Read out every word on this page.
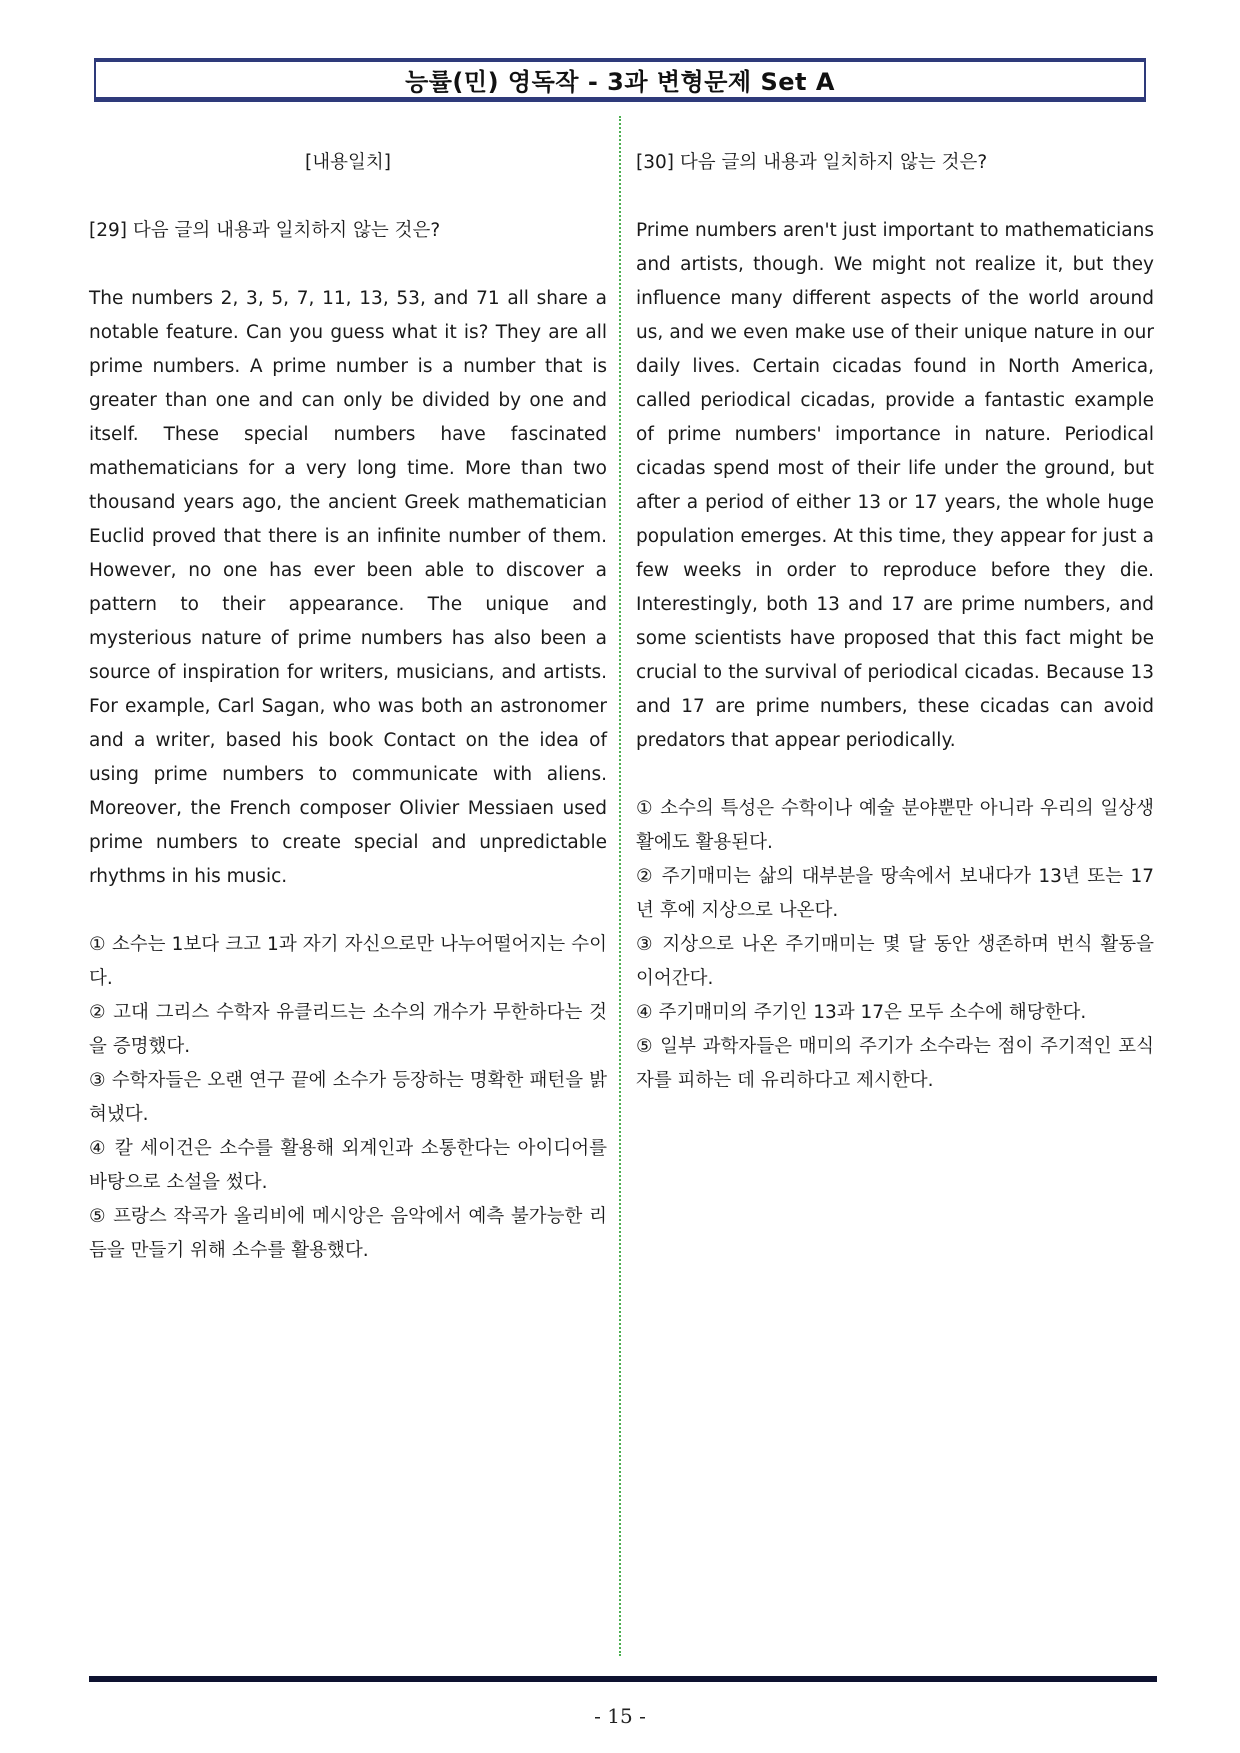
능률(민) 영독작 - 3과 변형문제 Set A

[내용일치]

[29] 다음 글의 내용과 일치하지 않는 것은?

The numbers 2, 3, 5, 7, 11, 13, 53, and 71 all share a notable feature. Can you guess what it is? They are all prime numbers. A prime number is a number that is greater than one and can only be divided by one and itself. These special numbers have fascinated mathematicians for a very long time. More than two thousand years ago, the ancient Greek mathematician Euclid proved that there is an infinite number of them. However, no one has ever been able to discover a pattern to their appearance. The unique and mysterious nature of prime numbers has also been a source of inspiration for writers, musicians, and artists. For example, Carl Sagan, who was both an astronomer and a writer, based his book Contact on the idea of using prime numbers to communicate with aliens. Moreover, the French composer Olivier Messiaen used prime numbers to create special and unpredictable rhythms in his music.

① 소수는 1보다 크고 1과 자기 자신으로만 나누어떨어지는 수이다.
② 고대 그리스 수학자 유클리드는 소수의 개수가 무한하다는 것을 증명했다.
③ 수학자들은 오랜 연구 끝에 소수가 등장하는 명확한 패턴을 밝혀냈다.
④ 칼 세이건은 소수를 활용해 외계인과 소통한다는 아이디어를 바탕으로 소설을 썼다.
⑤ 프랑스 작곡가 올리비에 메시앙은 음악에서 예측 불가능한 리듬을 만들기 위해 소수를 활용했다.

[30] 다음 글의 내용과 일치하지 않는 것은?

Prime numbers aren't just important to mathematicians and artists, though. We might not realize it, but they influence many different aspects of the world around us, and we even make use of their unique nature in our daily lives. Certain cicadas found in North America, called periodical cicadas, provide a fantastic example of prime numbers' importance in nature. Periodical cicadas spend most of their life under the ground, but after a period of either 13 or 17 years, the whole huge population emerges. At this time, they appear for just a few weeks in order to reproduce before they die. Interestingly, both 13 and 17 are prime numbers, and some scientists have proposed that this fact might be crucial to the survival of periodical cicadas. Because 13 and 17 are prime numbers, these cicadas can avoid predators that appear periodically.

① 소수의 특성은 수학이나 예술 분야뿐만 아니라 우리의 일상생활에도 활용된다.
② 주기매미는 삶의 대부분을 땅속에서 보내다가 13년 또는 17년 후에 지상으로 나온다.
③ 지상으로 나온 주기매미는 몇 달 동안 생존하며 번식 활동을 이어간다.
④ 주기매미의 주기인 13과 17은 모두 소수에 해당한다.
⑤ 일부 과학자들은 매미의 주기가 소수라는 점이 주기적인 포식자를 피하는 데 유리하다고 제시한다.
- 15 -
